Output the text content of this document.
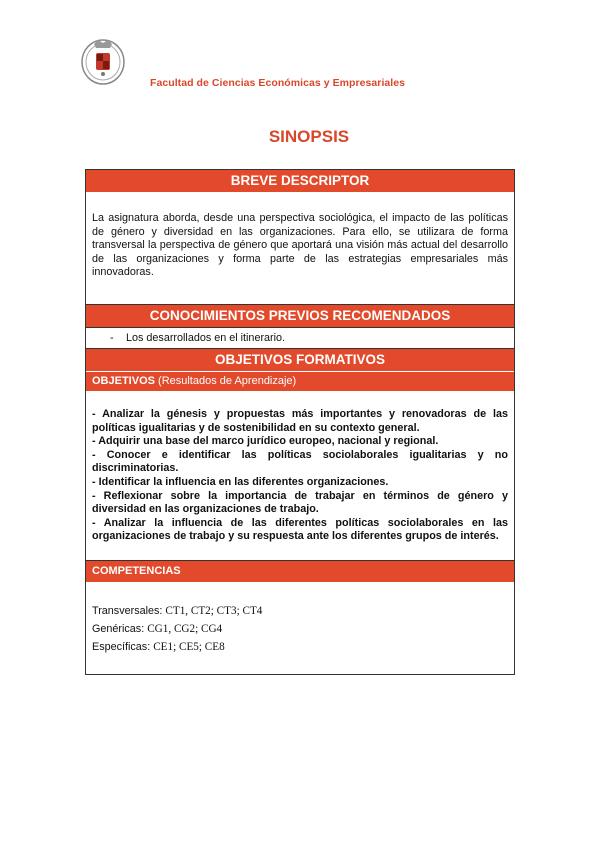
Facultad de Ciencias Económicas y Empresariales
SINOPSIS
BREVE DESCRIPTOR
La asignatura aborda, desde una perspectiva sociológica, el impacto de las políticas de género y diversidad en las organizaciones. Para ello, se utilizara de forma transversal la perspectiva de género que aportará una visión más actual del desarrollo de las organizaciones y forma parte de las estrategias empresariales más innovadoras.
CONOCIMIENTOS PREVIOS RECOMENDADOS
- Los desarrollados en el itinerario.
OBJETIVOS FORMATIVOS
OBJETIVOS (Resultados de Aprendizaje)
- Analizar la génesis y propuestas más importantes y renovadoras de las políticas igualitarias y de sostenibilidad en su contexto general.
- Adquirir una base del marco jurídico europeo, nacional y regional.
- Conocer e identificar las políticas sociolaborales igualitarias y no discriminatorias.
- Identificar la influencia en las diferentes organizaciones.
- Reflexionar sobre la importancia de trabajar en términos de género y diversidad en las organizaciones de trabajo.
- Analizar la influencia de las diferentes políticas sociolaborales en las organizaciones de trabajo y su respuesta ante los diferentes grupos de interés.
COMPETENCIAS
Transversales: CT1, CT2; CT3; CT4
Genéricas: CG1, CG2; CG4
Específicas: CE1; CE5; CE8
